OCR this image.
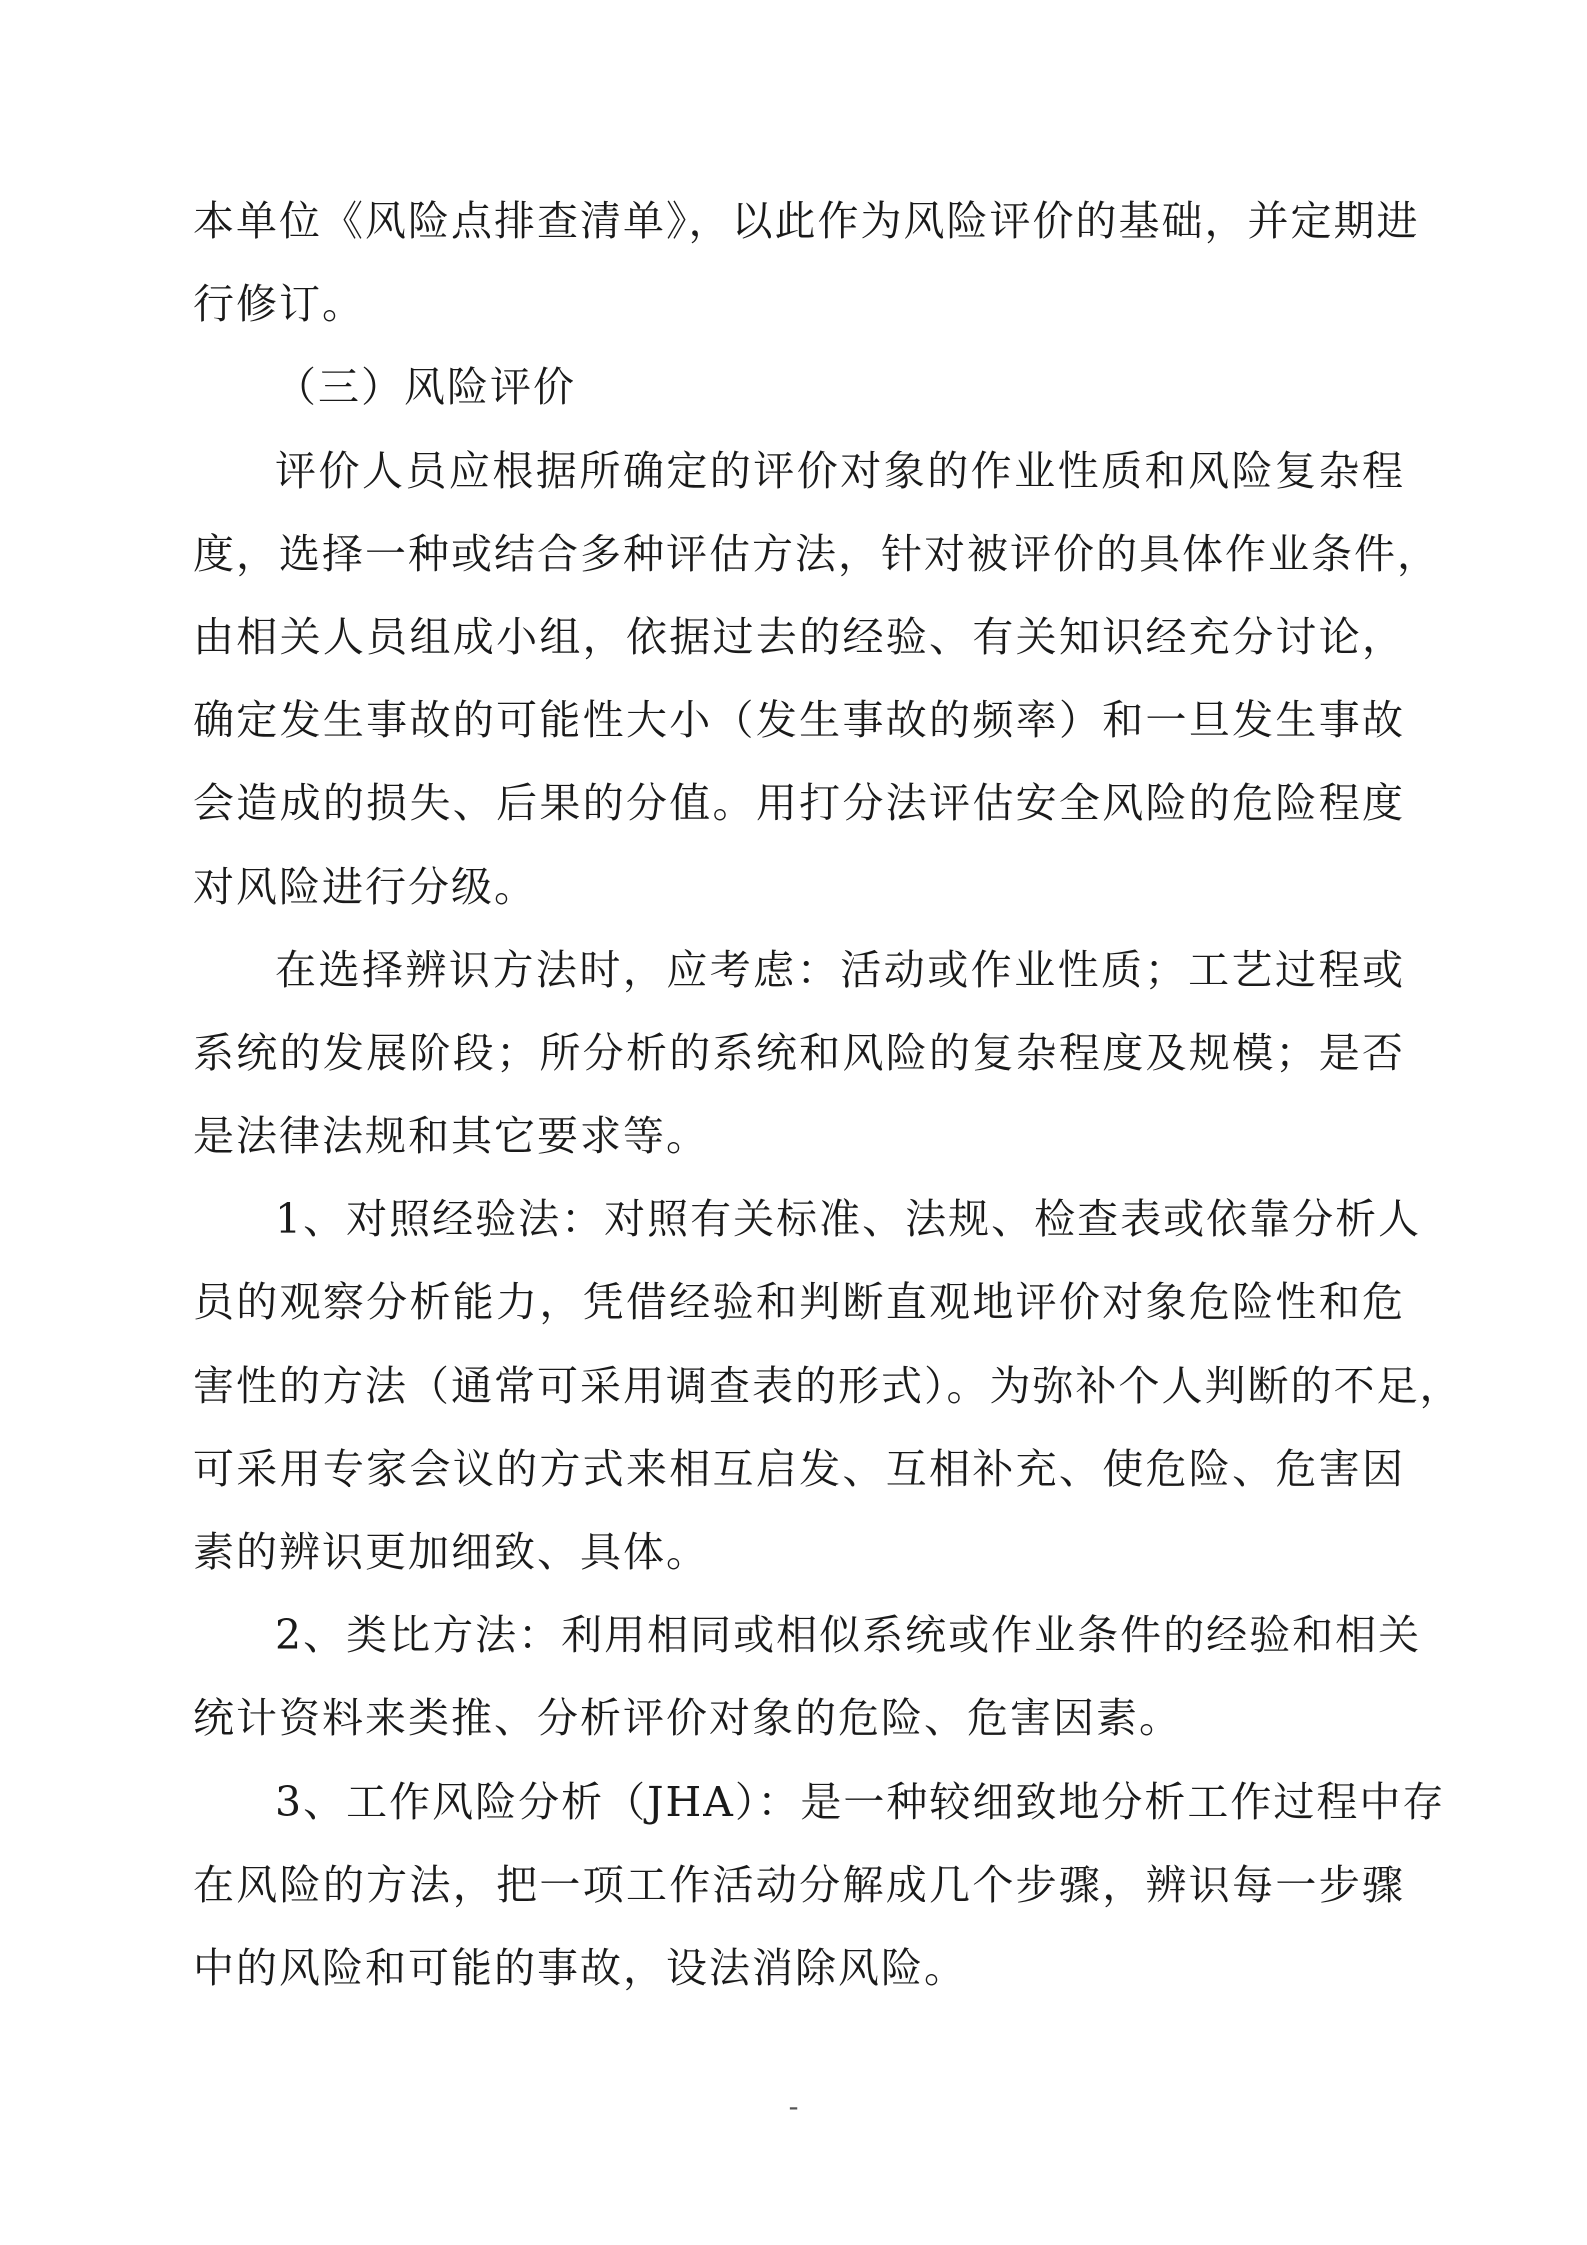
本单位《风险点排查清单》，以此作为风险评价的基础，并定期进
行修订。
（三）风险评价
评价人员应根据所确定的评价对象的作业性质和风险复杂程
度，选择一种或结合多种评估方法，针对被评价的具体作业条件，
由相关人员组成小组，依据过去的经验、有关知识经充分讨论，
确定发生事故的可能性大小（发生事故的频率）和一旦发生事故
会造成的损失、后果的分值。用打分法评估安全风险的危险程度
对风险进行分级。
在选择辨识方法时，应考虑：活动或作业性质；工艺过程或
系统的发展阶段；所分析的系统和风险的复杂程度及规模；是否
是法律法规和其它要求等。
1、对照经验法：对照有关标准、法规、检查表或依靠分析人
员的观察分析能力，凭借经验和判断直观地评价对象危险性和危
害性的方法（通常可采用调查表的形式）。为弥补个人判断的不足，
可采用专家会议的方式来相互启发、互相补充、使危险、危害因
素的辨识更加细致、具体。
2、类比方法：利用相同或相似系统或作业条件的经验和相关
统计资料来类推、分析评价对象的危险、危害因素。
3、工作风险分析（JHA）：是一种较细致地分析工作过程中存
在风险的方法，把一项工作活动分解成几个步骤，辨识每一步骤
中的风险和可能的事故，设法消除风险。
-
